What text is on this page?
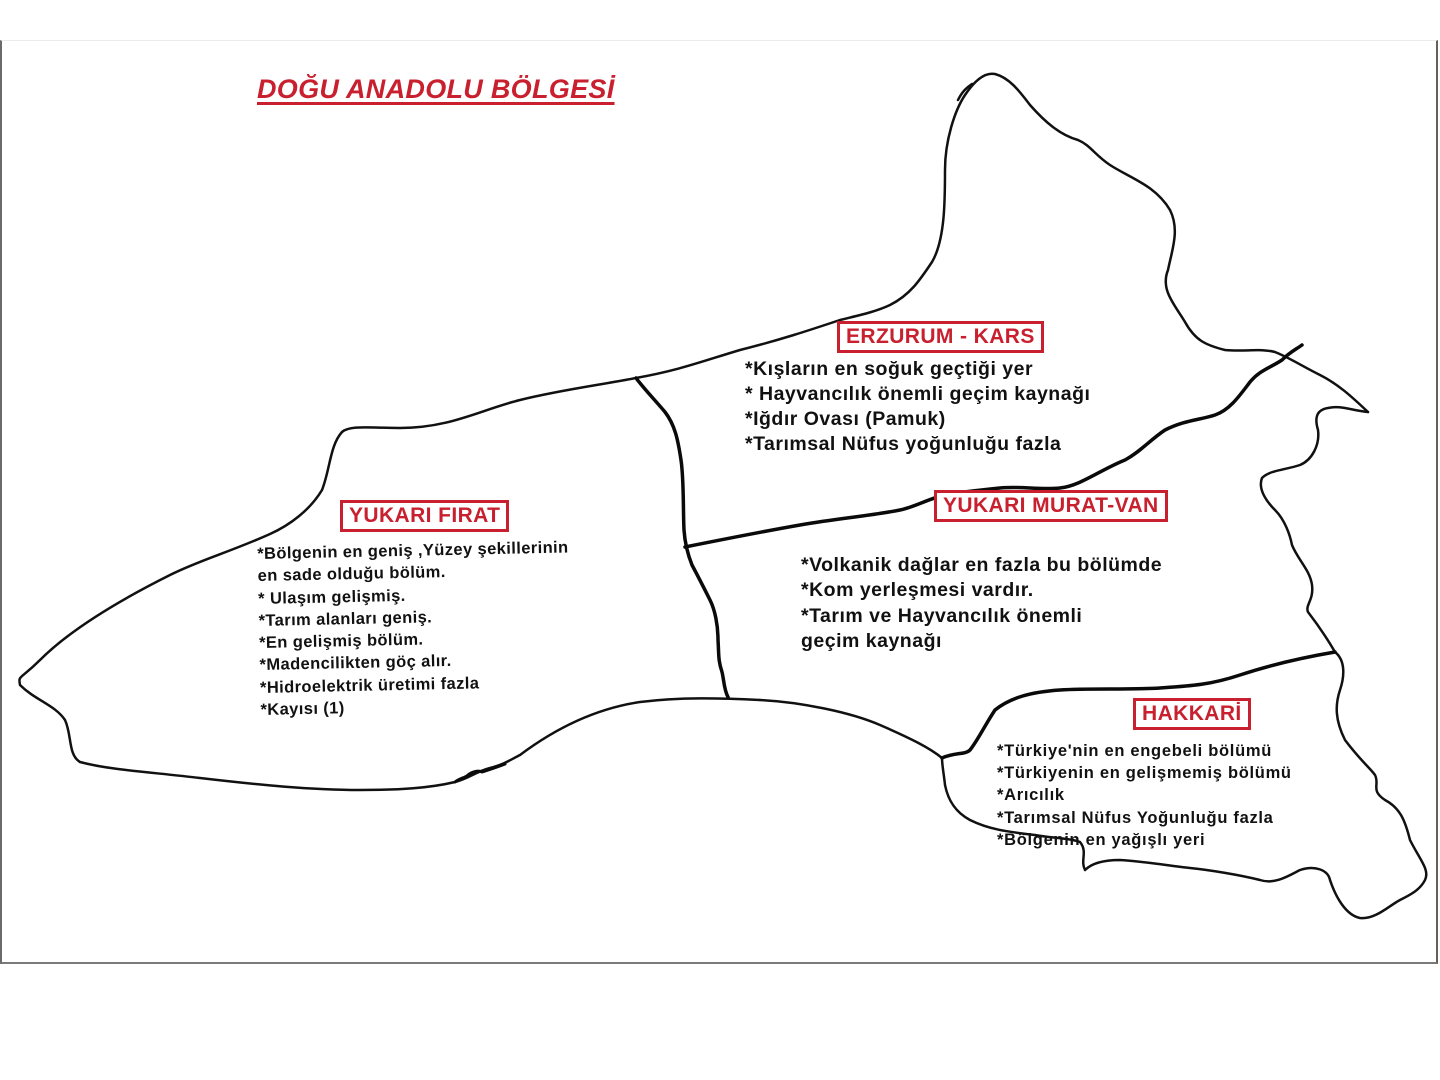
DOĞU ANADOLU BÖLGESİ
ERZURUM - KARS
*Kışların en soğuk geçtiği yer
* Hayvancılık önemli geçim kaynağı
*Iğdır Ovası (Pamuk)
*Tarımsal Nüfus yoğunluğu fazla
YUKARI FIRAT
*Bölgenin en geniş ,Yüzey şekillerinin
en sade olduğu bölüm.
* Ulaşım gelişmiş.
*Tarım alanları geniş.
*En gelişmiş bölüm.
*Madencilikten göç alır.
*Hidroelektrik üretimi fazla
*Kayısı (1)
YUKARI MURAT-VAN
*Volkanik dağlar en fazla bu bölümde
*Kom yerleşmesi vardır.
*Tarım ve Hayvancılık önemli
geçim kaynağı
HAKKARİ
*Türkiye'nin en engebeli bölümü
*Türkiyenin en gelişmemiş bölümü
*Arıcılık
*Tarımsal Nüfus Yoğunluğu fazla
*Bölgenin en yağışlı yeri
